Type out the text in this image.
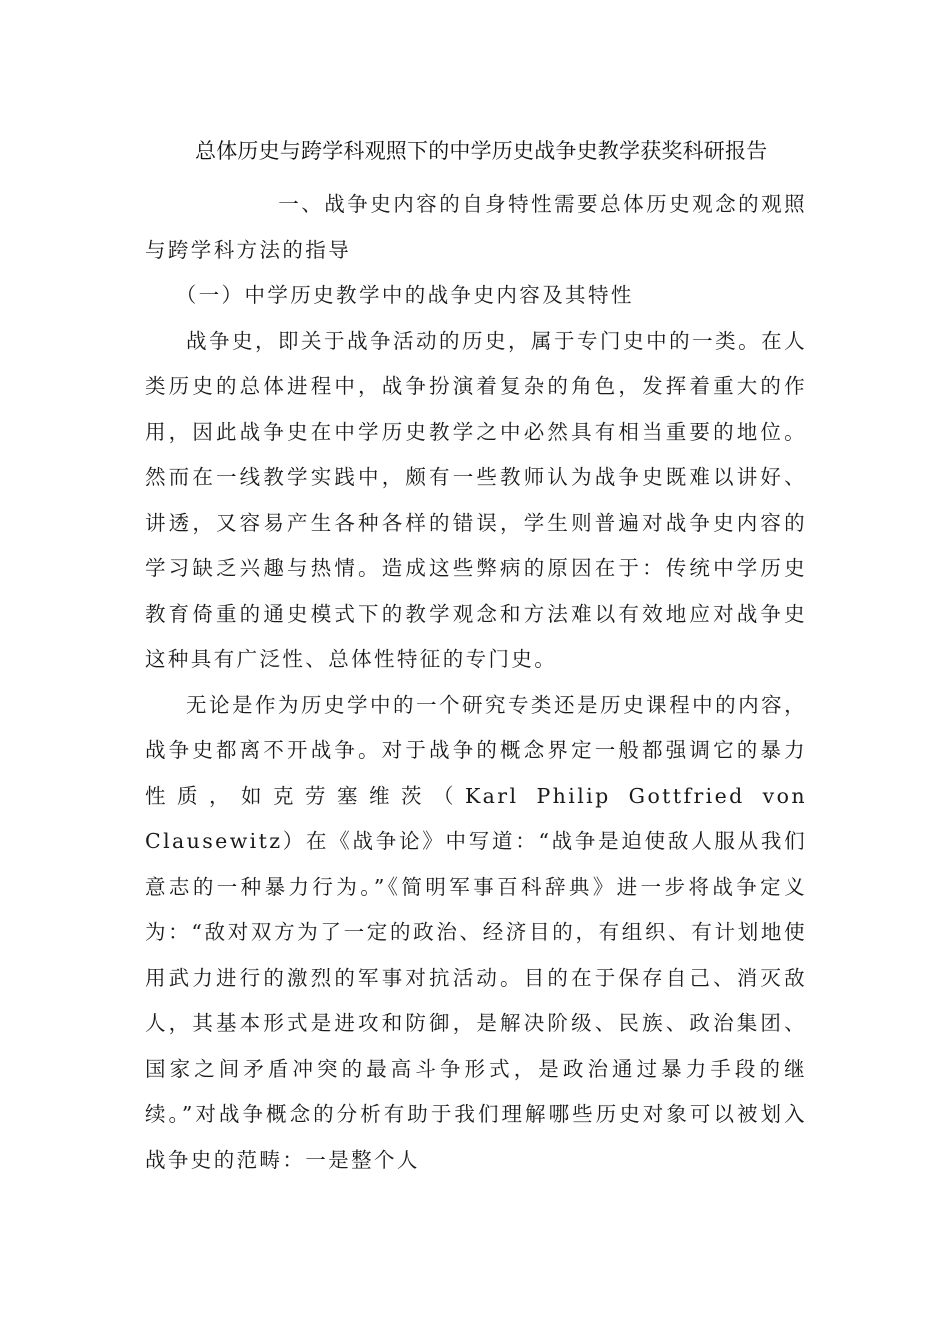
总体历史与跨学科观照下的中学历史战争史教学获奖科研报告

一、战争史内容的自身特性需要总体历史观念的观照与跨学科方法的指导

（一）中学历史教学中的战争史内容及其特性

战争史，即关于战争活动的历史，属于专门史中的一类。在人类历史的总体进程中，战争扮演着复杂的角色，发挥着重大的作用，因此战争史在中学历史教学之中必然具有相当重要的地位。然而在一线教学实践中，颇有一些教师认为战争史既难以讲好、讲透，又容易产生各种各样的错误，学生则普遍对战争史内容的学习缺乏兴趣与热情。造成这些弊病的原因在于：传统中学历史教育倚重的通史模式下的教学观念和方法难以有效地应对战争史这种具有广泛性、总体性特征的专门史。

无论是作为历史学中的一个研究专类还是历史课程中的内容，战争史都离不开战争。对于战争的概念界定一般都强调它的暴力性质，如克劳塞维茨（Karl Philip Gottfried von Clausewitz）在《战争论》中写道：“战争是迫使敌人服从我们意志的一种暴力行为。”《简明军事百科辞典》进一步将战争定义为：“敌对双方为了一定的政治、经济目的，有组织、有计划地使用武力进行的激烈的军事对抗活动。目的在于保存自己、消灭敌人，其基本形式是进攻和防御，是解决阶级、民族、政治集团、国家之间矛盾冲突的最高斗争形式，是政治通过暴力手段的继续。”对战争概念的分析有助于我们理解哪些历史对象可以被划入战争史的范畴：一是整个人
